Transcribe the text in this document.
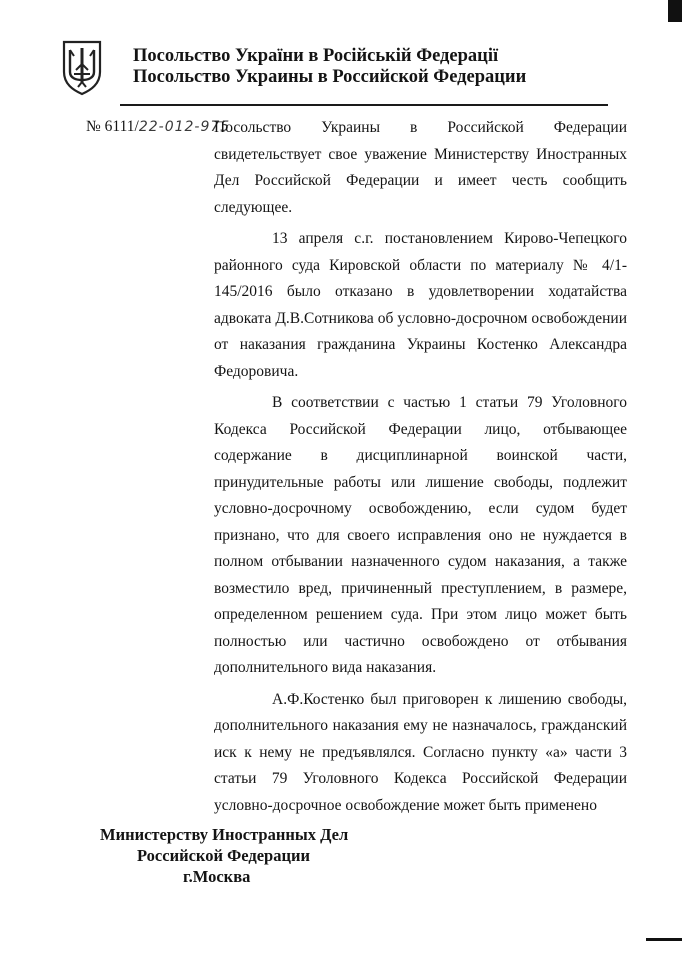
Посольство України в Російській Федерації
Посольство Украины в Российской Федерации
№ 6111/22-012-975

Посольство Украины в Российской Федерации свидетельствует свое уважение Министерству Иностранных Дел Российской Федерации и имеет честь сообщить следующее.

13 апреля с.г. постановлением Кирово-Чепецкого районного суда Кировской области по материалу № 4/1-145/2016 было отказано в удовлетворении ходатайства адвоката Д.В.Сотникова об условно-досрочном освобождении от наказания гражданина Украины Костенко Александра Федоровича.

В соответствии с частью 1 статьи 79 Уголовного Кодекса Российской Федерации лицо, отбывающее содержание в дисциплинарной воинской части, принудительные работы или лишение свободы, подлежит условно-досрочному освобождению, если судом будет признано, что для своего исправления оно не нуждается в полном отбывании назначенного судом наказания, а также возместило вред, причиненный преступлением, в размере, определенном решением суда. При этом лицо может быть полностью или частично освобождено от отбывания дополнительного вида наказания.

А.Ф.Костенко был приговорен к лишению свободы, дополнительного наказания ему не назначалось, гражданский иск к нему не предъявлялся. Согласно пункту «а» части 3 статьи 79 Уголовного Кодекса Российской Федерации условно-досрочное освобождение может быть применено

Министерству Иностранных Дел
Российской Федерации
г.Москва
